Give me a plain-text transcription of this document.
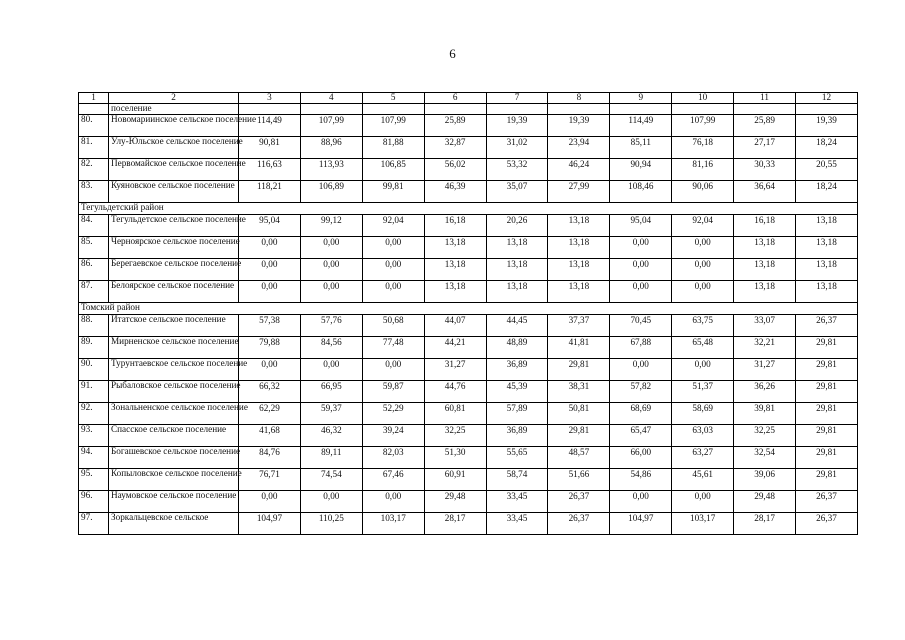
6
1	2	3	4	5	6	7	8	9	10	11	12
	поселение										
80.	Новомариинское сельское поселение	114,49	107,99	107,99	25,89	19,39	19,39	114,49	107,99	25,89	19,39
81.	Улу-Юльское сельское поселение	90,81	88,96	81,88	32,87	31,02	23,94	85,11	76,18	27,17	18,24
82.	Первомайское сельское поселение	116,63	113,93	106,85	56,02	53,32	46,24	90,94	81,16	30,33	20,55
83.	Куяновское сельское поселение	118,21	106,89	99,81	46,39	35,07	27,99	108,46	90,06	36,64	18,24
Тегульдетский район											
84.	Тегульдетское сельское поселение	95,04	99,12	92,04	16,18	20,26	13,18	95,04	92,04	16,18	13,18
85.	Черноярское сельское поселение	0,00	0,00	0,00	13,18	13,18	13,18	0,00	0,00	13,18	13,18
86.	Берегаевское сельское поселение	0,00	0,00	0,00	13,18	13,18	13,18	0,00	0,00	13,18	13,18
87.	Белоярское сельское поселение	0,00	0,00	0,00	13,18	13,18	13,18	0,00	0,00	13,18	13,18
Томский район											
88.	Итатское сельское поселение	57,38	57,76	50,68	44,07	44,45	37,37	70,45	63,75	33,07	26,37
89.	Мирненское сельское поселение	79,88	84,56	77,48	44,21	48,89	41,81	67,88	65,48	32,21	29,81
90.	Турунтаевское сельское поселение	0,00	0,00	0,00	31,27	36,89	29,81	0,00	0,00	31,27	29,81
91.	Рыбаловское сельское поселение	66,32	66,95	59,87	44,76	45,39	38,31	57,82	51,37	36,26	29,81
92.	Зональненское сельское поселение	62,29	59,37	52,29	60,81	57,89	50,81	68,69	58,69	39,81	29,81
93.	Спасское сельское поселение	41,68	46,32	39,24	32,25	36,89	29,81	65,47	63,03	32,25	29,81
94.	Богашевское сельское поселение	84,76	89,11	82,03	51,30	55,65	48,57	66,00	63,27	32,54	29,81
95.	Копыловское сельское поселение	76,71	74,54	67,46	60,91	58,74	51,66	54,86	45,61	39,06	29,81
96.	Наумовское сельское поселение	0,00	0,00	0,00	29,48	33,45	26,37	0,00	0,00	29,48	26,37
97.	Зоркальцевское сельское	104,97	110,25	103,17	28,17	33,45	26,37	104,97	103,17	28,17	26,37
